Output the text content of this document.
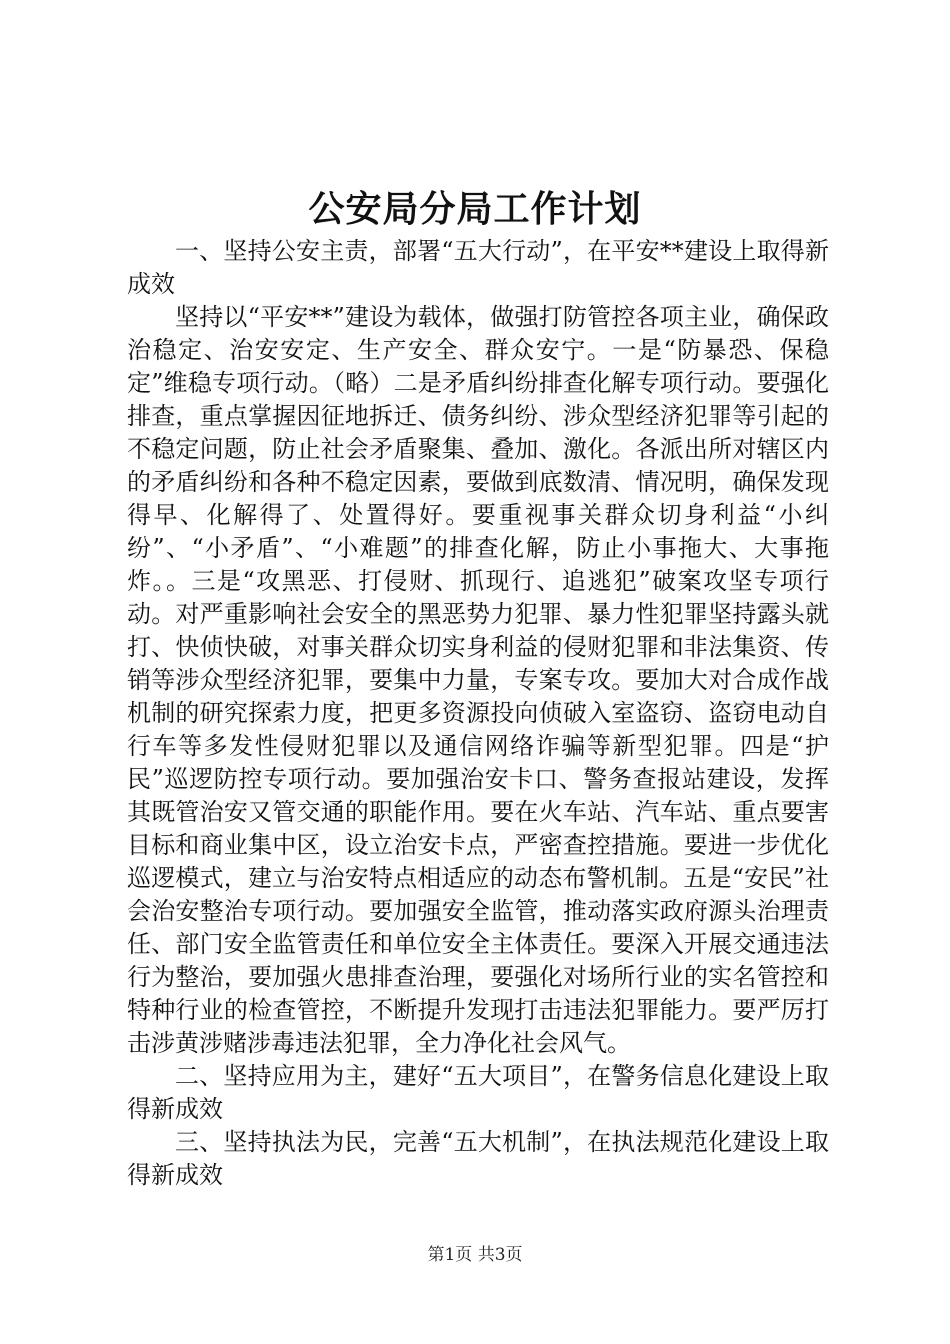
公安局分局工作计划

一、坚持公安主责，部署“五大行动”，在平安**建设上取得新成效

坚持以“平安**”建设为载体，做强打防管控各项主业，确保政治稳定、治安安定、生产安全、群众安宁。一是“防暴恐、保稳定”维稳专项行动。（略）二是矛盾纠纷排查化解专项行动。要强化排查，重点掌握因征地拆迁、债务纠纷、涉众型经济犯罪等引起的不稳定问题，防止社会矛盾聚集、叠加、激化。各派出所对辖区内的矛盾纠纷和各种不稳定因素，要做到底数清、情况明，确保发现得早、化解得了、处置得好。要重视事关群众切身利益“小纠纷”、“小矛盾”、“小难题”的排查化解，防止小事拖大、大事拖炸。。三是“攻黑恶、打侵财、抓现行、追逃犯”破案攻坚专项行动。对严重影响社会安全的黑恶势力犯罪、暴力性犯罪坚持露头就打、快侦快破，对事关群众切实身利益的侵财犯罪和非法集资、传销等涉众型经济犯罪，要集中力量，专案专攻。要加大对合成作战机制的研究探索力度，把更多资源投向侦破入室盗窃、盗窃电动自行车等多发性侵财犯罪以及通信网络诈骗等新型犯罪。四是“护民”巡逻防控专项行动。要加强治安卡口、警务查报站建设，发挥其既管治安又管交通的职能作用。要在火车站、汽车站、重点要害目标和商业集中区，设立治安卡点，严密查控措施。要进一步优化巡逻模式，建立与治安特点相适应的动态布警机制。五是“安民”社会治安整治专项行动。要加强安全监管，推动落实政府源头治理责任、部门安全监管责任和单位安全主体责任。要深入开展交通违法行为整治，要加强火患排查治理，要强化对场所行业的实名管控和特种行业的检查管控，不断提升发现打击违法犯罪能力。要严厉打击涉黄涉赌涉毒违法犯罪，全力净化社会风气。

二、坚持应用为主，建好“五大项目”，在警务信息化建设上取得新成效

三、坚持执法为民，完善“五大机制”，在执法规范化建设上取得新成效

第1页 共3页
